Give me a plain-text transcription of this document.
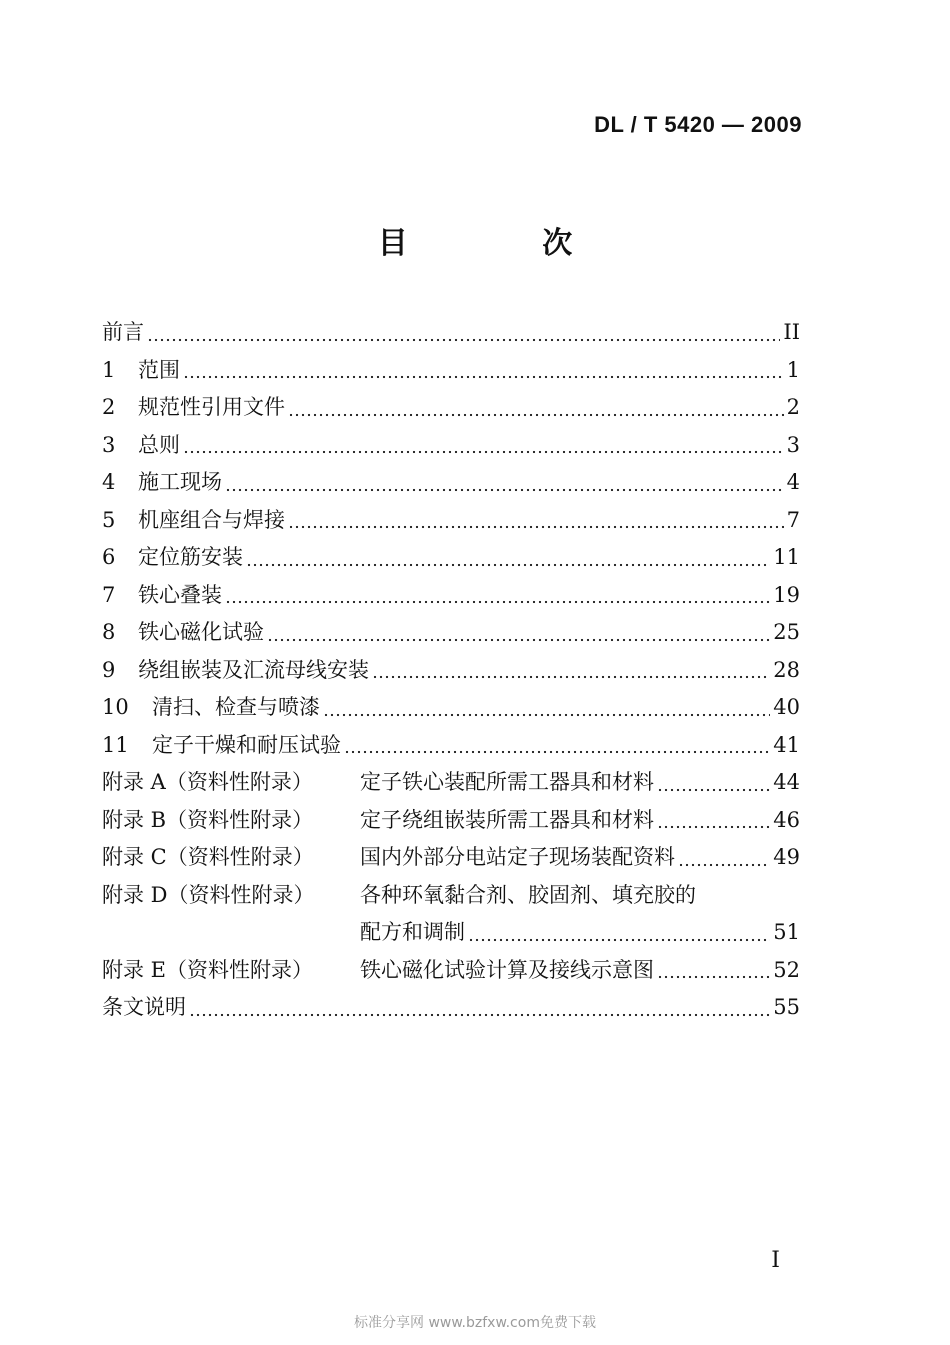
DL / T 5420 — 2009
目 次
前言	II
1	范围	1
2	规范性引用文件	2
3	总则	3
4	施工现场	4
5	机座组合与焊接	7
6	定位筋安装	11
7	铁心叠装	19
8	铁心磁化试验	25
9	绕组嵌装及汇流母线安装	28
10	清扫、检查与喷漆	40
11	定子干燥和耐压试验	41
附录 A（资料性附录）	定子铁心装配所需工器具和材料	44
附录 B（资料性附录）	定子绕组嵌装所需工器具和材料	46
附录 C（资料性附录）	国内外部分电站定子现场装配资料	49
附录 D（资料性附录）	各种环氧黏合剂、胶固剂、填充胶的
配方和调制	51
附录 E（资料性附录）	铁心磁化试验计算及接线示意图	52
条文说明	55
I
标准分享网 www.bzfxw.com免费下载
